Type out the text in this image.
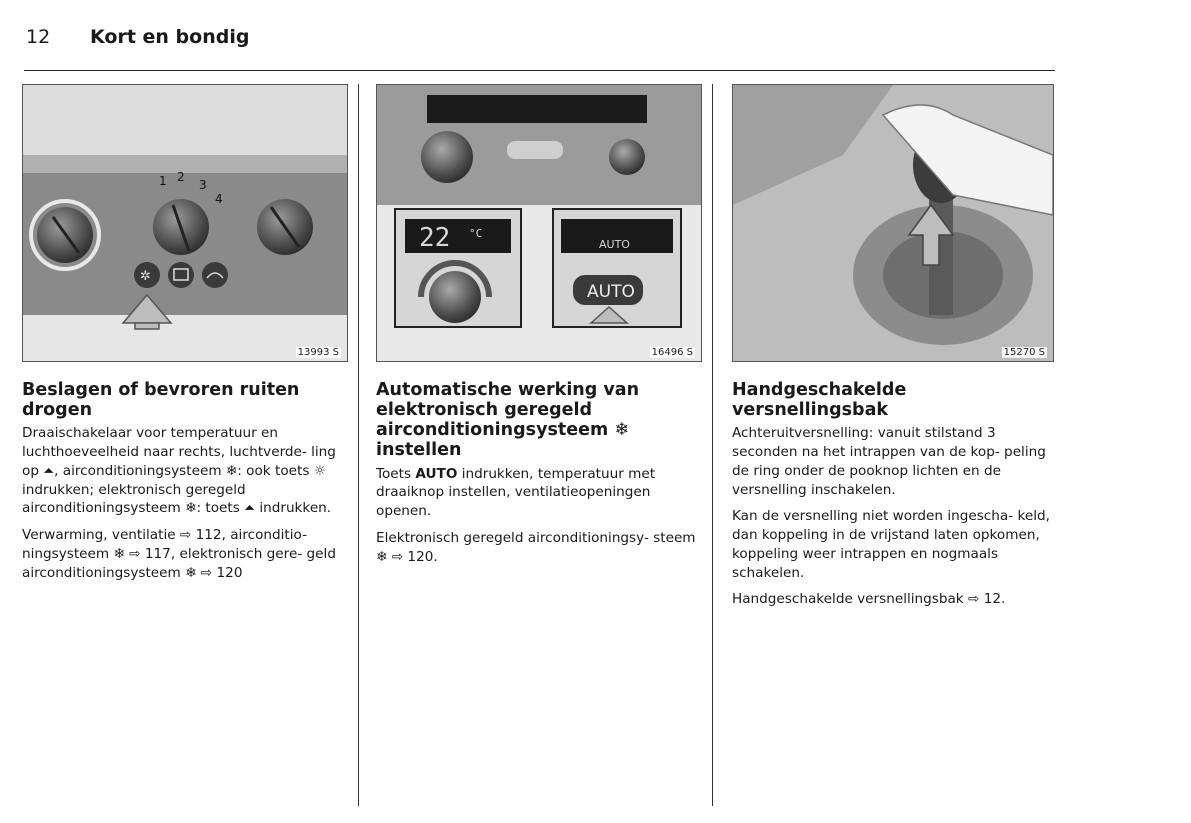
12	Kort en bondig
1 2
3
4
✲
13993 S
Beslagen of bevroren ruiten drogen

Draaischakelaar voor temperatuur en luchthoeveelheid naar rechts, luchtverde- ling op ⏶, airconditioningsysteem ❄: ook toets ☼ indrukken; elektronisch geregeld airconditioningsysteem ❄: toets ⏶ indrukken.

Verwarming, ventilatie ⇨ 112, airconditio- ningsysteem ❄ ⇨ 117, elektronisch gere- geld airconditioningsysteem ❄ ⇨ 120

22 °C
AUTO
AUTO
16496 S
Automatische werking van elektronisch geregeld airconditioningsysteem ❄ instellen

Toets AUTO indrukken, temperatuur met draaiknop instellen, ventilatieopeningen openen.

Elektronisch geregeld airconditioningsy- steem ❄ ⇨ 120.

15270 S
Handgeschakelde versnellingsbak

Achteruitversnelling: vanuit stilstand 3 seconden na het intrappen van de kop- peling de ring onder de pooknop lichten en de versnelling inschakelen.

Kan de versnelling niet worden ingescha- keld, dan koppeling in de vrijstand laten opkomen, koppeling weer intrappen en nogmaals schakelen.

Handgeschakelde versnellingsbak ⇨ 12.
